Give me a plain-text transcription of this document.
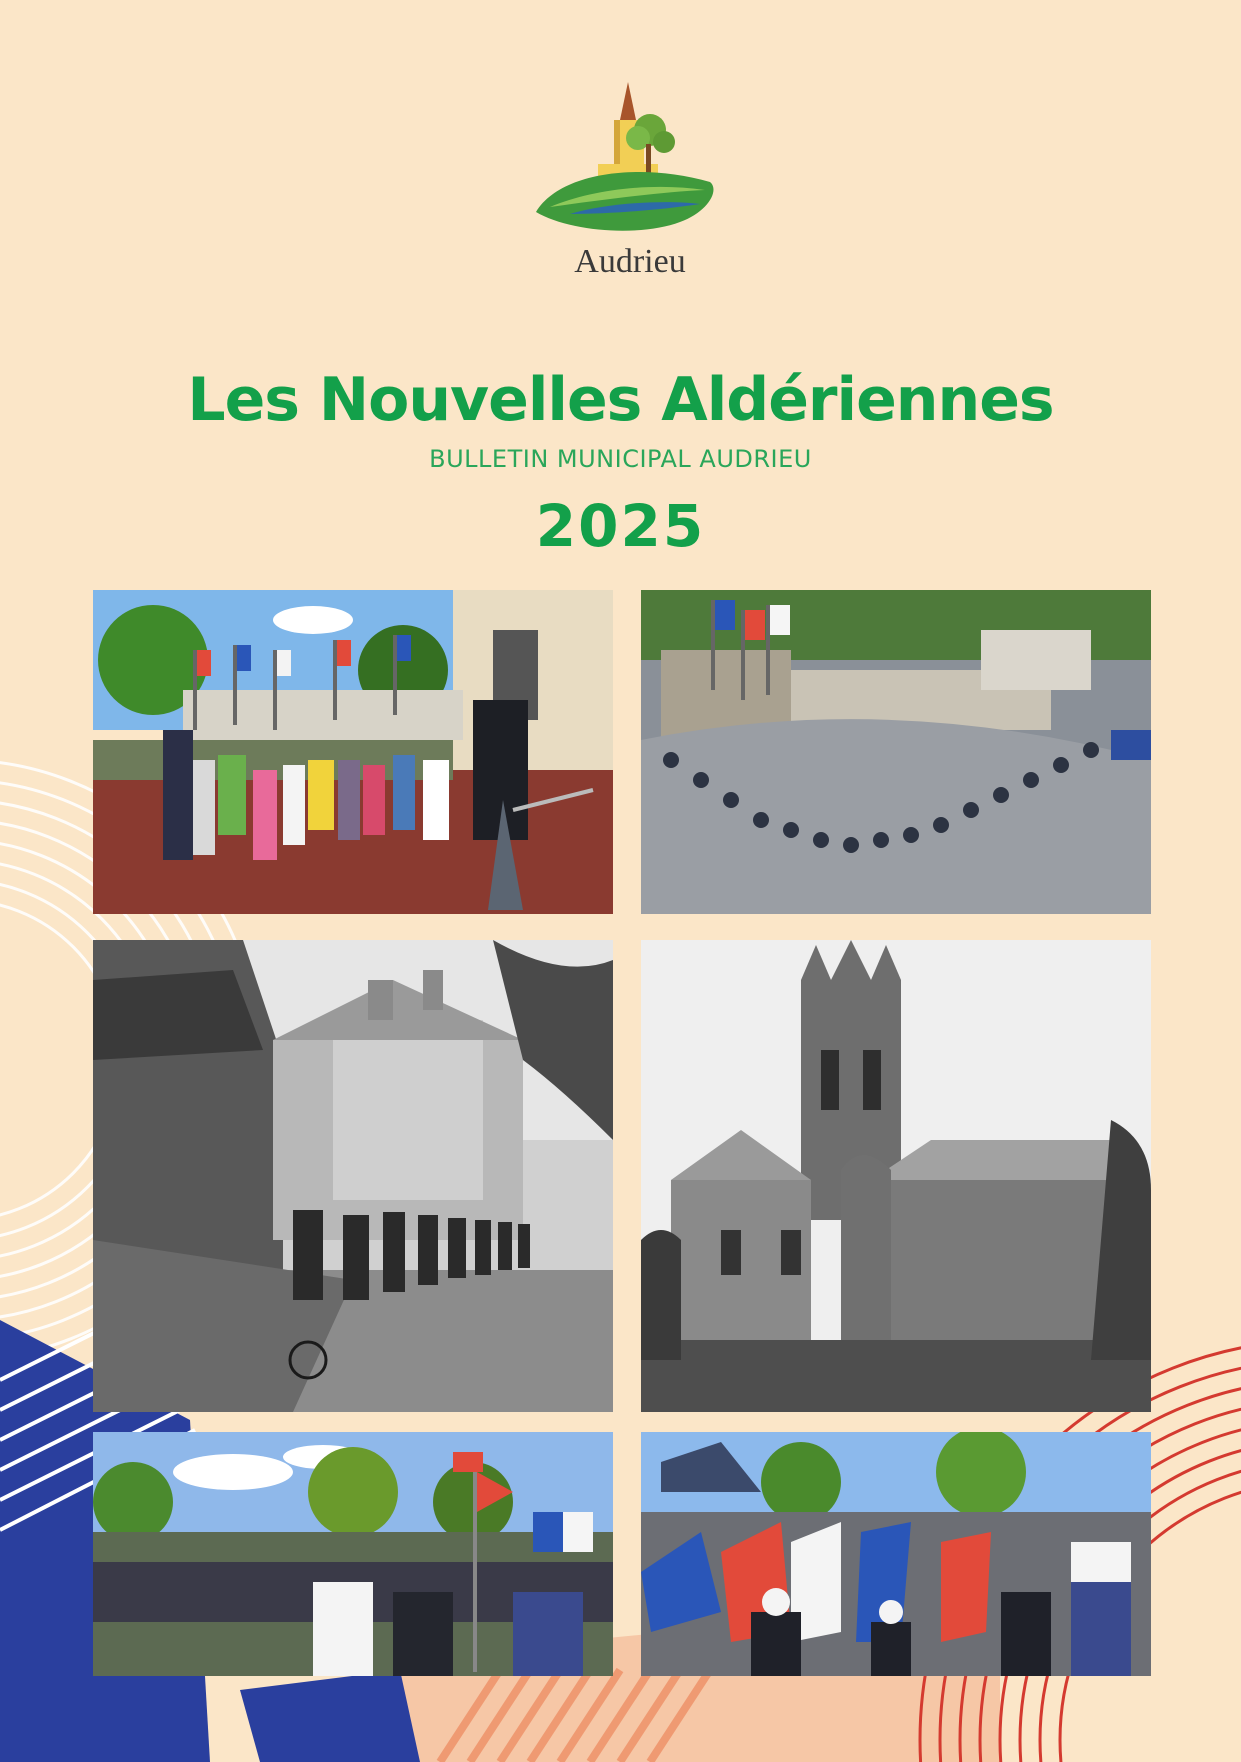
Audrieu
Les Nouvelles Aldériennes
BULLETIN MUNICIPAL AUDRIEU
2025
